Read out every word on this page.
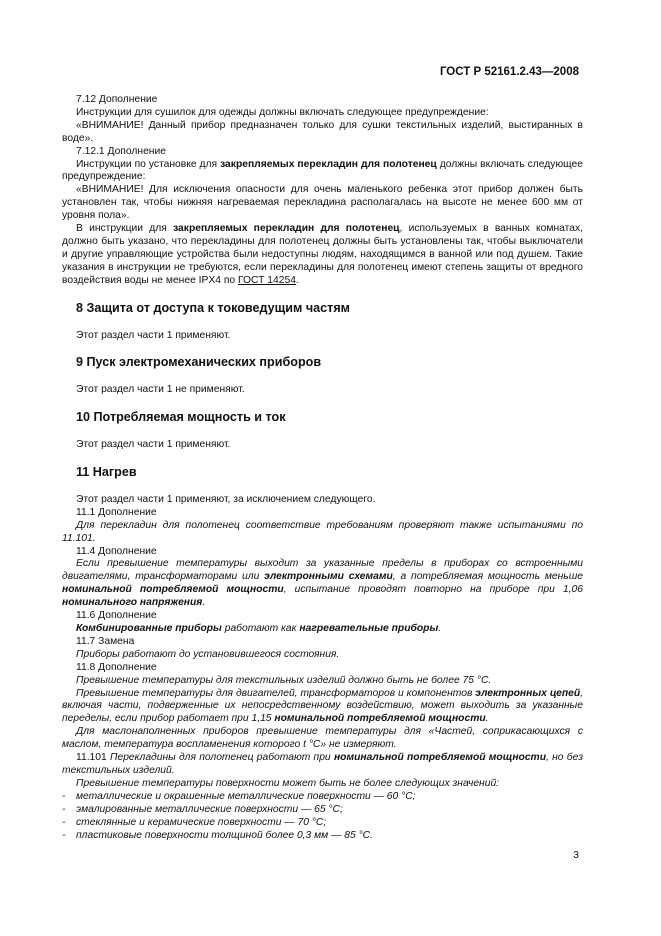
ГОСТ Р 52161.2.43—2008

7.12 Дополнение

Инструкции для сушилок для одежды должны включать следующее предупреждение:

«ВНИМАНИЕ! Данный прибор предназначен только для сушки текстильных изделий, выстиранных в воде».

7.12.1 Дополнение

Инструкции по установке для закрепляемых перекладин для полотенец должны включать следующее предупреждение:

«ВНИМАНИЕ! Для исключения опасности для очень маленького ребенка этот прибор должен быть установлен так, чтобы нижняя нагреваемая перекладина располагалась на высоте не менее 600 мм от уровня пола».

В инструкции для закрепляемых перекладин для полотенец, используемых в ванных комнатах, должно быть указано, что перекладины для полотенец должны быть установлены так, чтобы выключатели и другие управляющие устройства были недоступны людям, находящимся в ванной или под душем. Такие указания в инструкции не требуются, если перекладины для полотенец имеют степень защиты от вредного воздействия воды не менее IPX4 по ГОСТ 14254.

8 Защита от доступа к токоведущим частям

Этот раздел части 1 применяют.

9 Пуск электромеханических приборов

Этот раздел части 1 не применяют.

10 Потребляемая мощность и ток

Этот раздел части 1 применяют.

11 Нагрев

Этот раздел части 1 применяют, за исключением следующего.

11.1 Дополнение

Для перекладин для полотенец соответствие требованиям проверяют также испытаниями по 11.101.

11.4 Дополнение

Если превышение температуры выходит за указанные пределы в приборах со встроенными двигателями, трансформаторами или электронными схемами, а потребляемая мощность меньше номинальной потребляемой мощности, испытание проводят повторно на приборе при 1,06 номинального напряжения.

11.6 Дополнение

Комбинированные приборы работают как нагревательные приборы.

11.7 Замена

Приборы работают до установившегося состояния.

11.8 Дополнение

Превышение температуры для текстильных изделий должно быть не более 75 °С.

Превышение температуры для двигателей, трансформаторов и компонентов электронных цепей, включая части, подверженные их непосредственному воздействию, может выходить за указанные переделы, если прибор работает при 1,15 номинальной потребляемой мощности.

Для маслонаполненных приборов превышение температуры для «Частей, соприкасающихся с маслом, температура воспламенения которого t °С» не измеряют.

11.101 Перекладины для полотенец работают при номинальной потребляемой мощности, но без текстильных изделий.

Превышение температуры поверхности может быть не более следующих значений:

- металлические и окрашенные металлические поверхности — 60 °С;

- эмалированные металлические поверхности — 65 °С;

- стеклянные и керамические поверхности — 70 °С;

- пластиковые поверхности толщиной более 0,3 мм — 85 °С.

3
